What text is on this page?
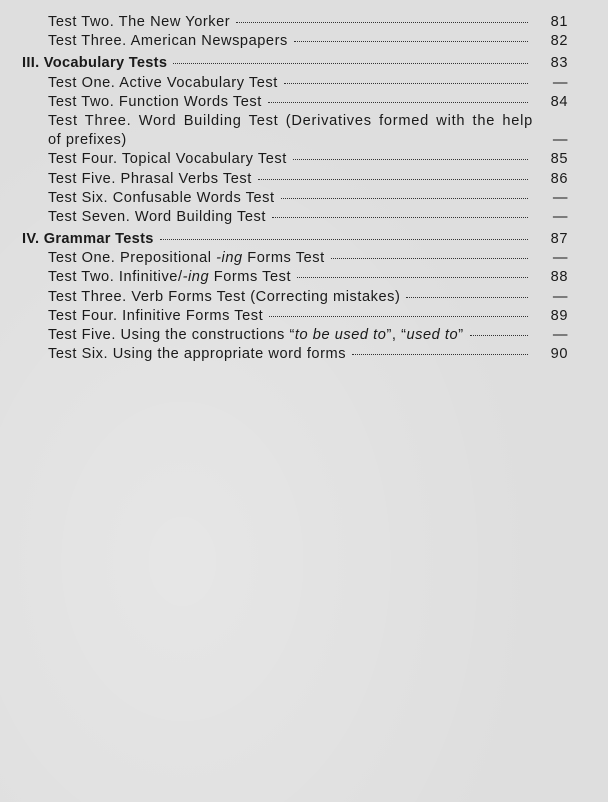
Test Two. The New Yorker	81
Test Three. American Newspapers	82
III. Vocabulary Tests	83
Test One. Active Vocabulary Test	—
Test Two. Function Words Test	84
Test Three. Word Building Test (Derivatives formed with the help
of prefixes)	—
Test Four. Topical Vocabulary Test	85
Test Five. Phrasal Verbs Test	86
Test Six. Confusable Words Test	—
Test Seven. Word Building Test	—
IV. Grammar Tests	87
Test One. Prepositional -ing Forms Test	—
Test Two. Infinitive/-ing Forms Test	88
Test Three. Verb Forms Test (Correcting mistakes)	—
Test Four. Infinitive Forms Test	89
Test Five. Using the constructions “to be used to”, “used to”	—
Test Six. Using the appropriate word forms	90
